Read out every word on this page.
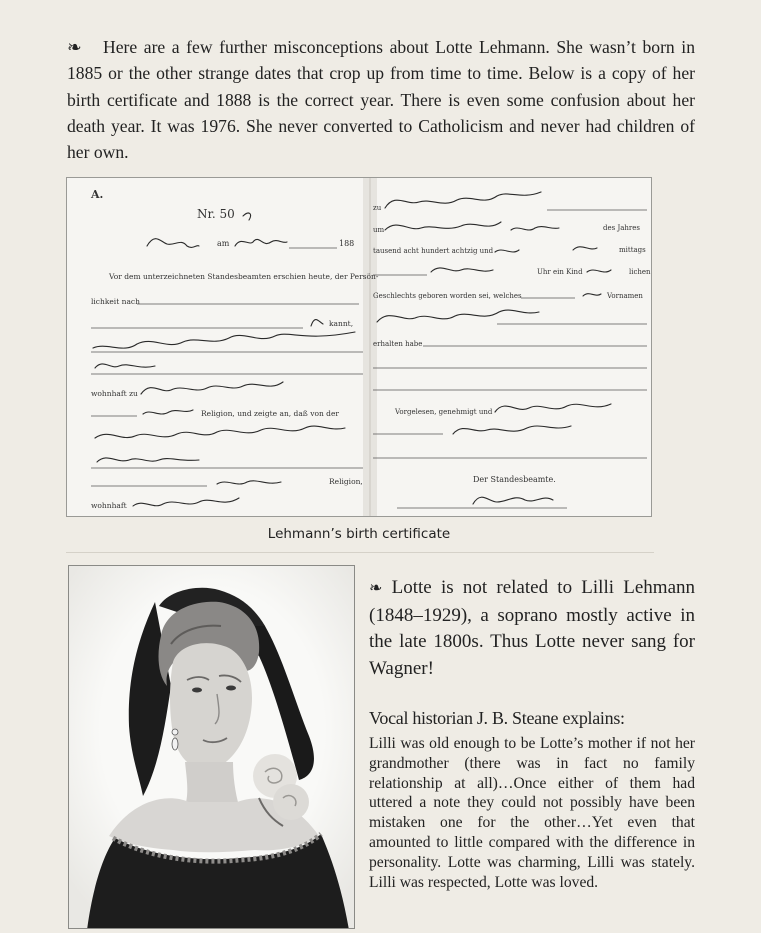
❧ Here are a few further misconceptions about Lotte Lehmann. She wasn’t born in 1885 or the other strange dates that crop up from time to time. Below is a copy of her birth certificate and 1888 is the correct year. There is even some confusion about her death year. It was 1976. She never converted to Catholicism and never had children of her own.

A.
Nr. 50
am	188
Vor dem unterzeichneten Standesbeamten erschien heute, der Persön-
lichkeit nach
kannt,
wohnhaft zu
Religion, und zeigte an, daß von der
Religion,
wohnhaft
zu
um	des Jahres
tausend acht hundert achtzig und	mittags
Uhr ein Kind	lichen
Geschlechts geboren worden sei, welches	Vornamen
erhalten habe
Vorgelesen, genehmigt und
Der Standesbeamte.
Lehmann’s birth certificate

❧ Lotte is not related to Lilli Lehmann (1848–1929), a soprano mostly active in the late 1800s. Thus Lotte never sang for Wagner!

Vocal historian J. B. Steane explains:

Lilli was old enough to be Lotte’s mother if not her grandmother (there was in fact no family relationship at all)…Once either of them had uttered a note they could not possibly have been mistaken one for the other…Yet even that amounted to little compared with the difference in personality. Lotte was charming, Lilli was stately. Lilli was respected, Lotte was loved.
